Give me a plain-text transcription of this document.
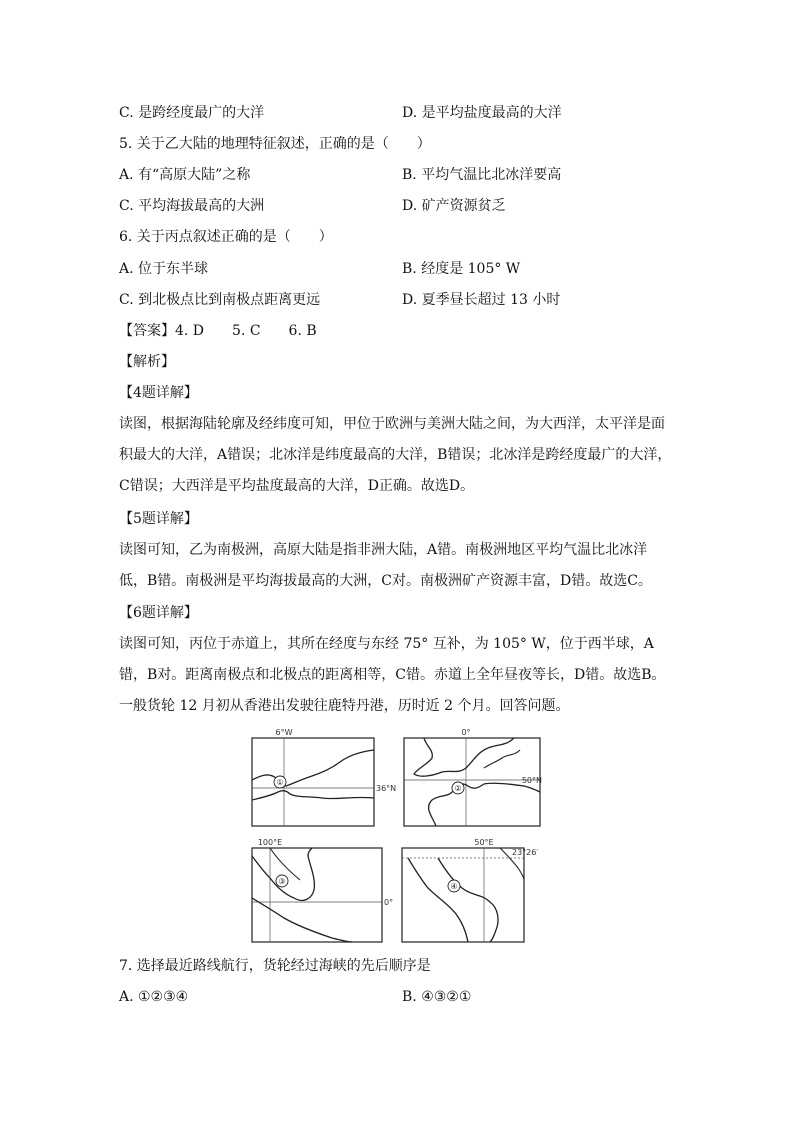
C. 是跨经度最广的大洋	D. 是平均盐度最高的大洋
5. 关于乙大陆的地理特征叙述，正确的是（　　）
A. 有“高原大陆”之称	B. 平均气温比北冰洋要高
C. 平均海拔最高的大洲	D. 矿产资源贫乏
6. 关于丙点叙述正确的是（　　）
A. 位于东半球	B. 经度是 105° W
C. 到北极点比到南极点距离更远	D. 夏季昼长超过 13 小时
【答案】4. D　　5. C　　6. B
【解析】
【4题详解】
读图，根据海陆轮廓及经纬度可知，甲位于欧洲与美洲大陆之间，为大西洋，太平洋是面积最大的大洋，A错误；北冰洋是纬度最高的大洋，B错误；北冰洋是跨经度最广的大洋，C错误；大西洋是平均盐度最高的大洋，D正确。故选D。
【5题详解】
读图可知，乙为南极洲，高原大陆是指非洲大陆，A错。南极洲地区平均气温比北冰洋低，B错。南极洲是平均海拔最高的大洲，C对。南极洲矿产资源丰富，D错。故选C。
【6题详解】
读图可知，丙位于赤道上，其所在经度与东经 75° 互补，为 105° W，位于西半球，A错，B对。距离南极点和北极点的距离相等，C错。赤道上全年昼夜等长，D错。故选B。
一般货轮 12 月初从香港出发驶往鹿特丹港，历时近 2 个月。回答问题。
①
6°W
36°N	②
0°
50°N
③
100°E
0°
④
50°E
23°26′
7. 选择最近路线航行，货轮经过海峡的先后顺序是
A. ①②③④	B. ④③②①
